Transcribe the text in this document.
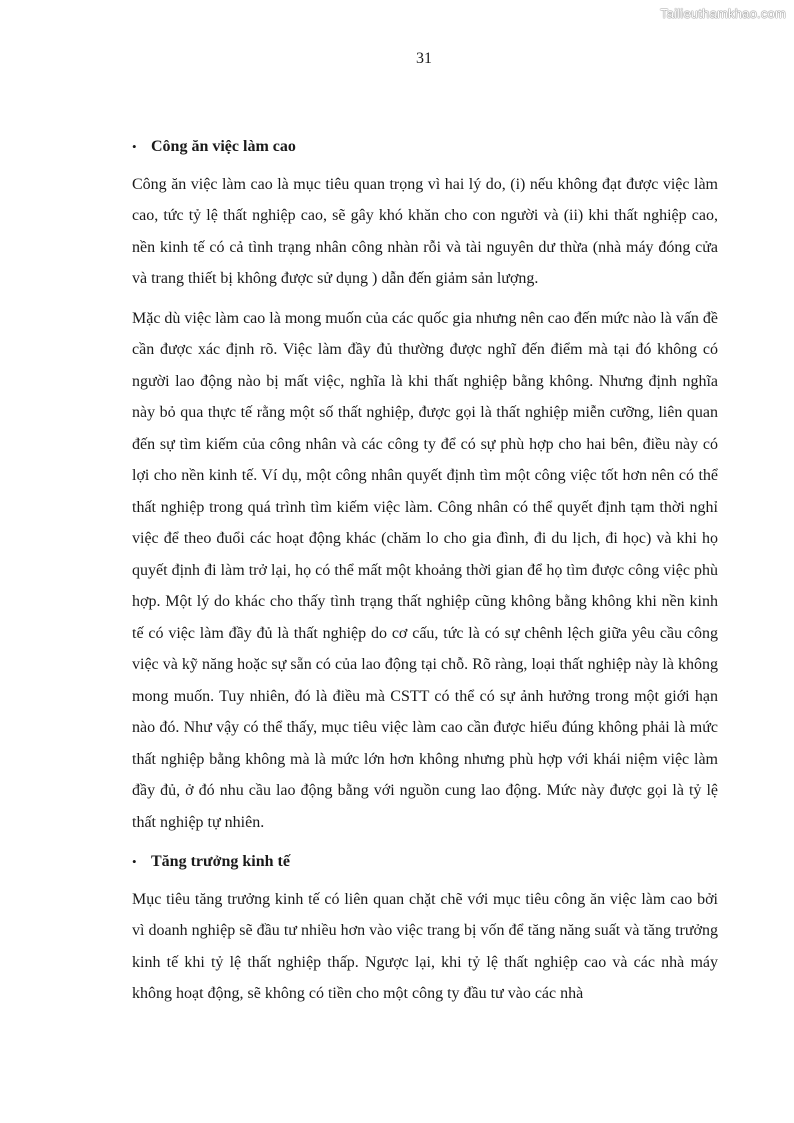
Tailieuthamkhao.com
31
• Công ăn việc làm cao

Công ăn việc làm cao là mục tiêu quan trọng vì hai lý do, (i) nếu không đạt được việc làm cao, tức tỷ lệ thất nghiệp cao, sẽ gây khó khăn cho con người và (ii) khi thất nghiệp cao, nền kinh tế có cả tình trạng nhân công nhàn rỗi và tài nguyên dư thừa (nhà máy đóng cửa và trang thiết bị không được sử dụng ) dẫn đến giảm sản lượng.

Mặc dù việc làm cao là mong muốn của các quốc gia nhưng nên cao đến mức nào là vấn đề cần được xác định rõ. Việc làm đầy đủ thường được nghĩ đến điểm mà tại đó không có người lao động nào bị mất việc, nghĩa là khi thất nghiệp bằng không. Nhưng định nghĩa này bỏ qua thực tế rằng một số thất nghiệp, được gọi là thất nghiệp miễn cưỡng, liên quan đến sự tìm kiếm của công nhân và các công ty để có sự phù hợp cho hai bên, điều này có lợi cho nền kinh tế. Ví dụ, một công nhân quyết định tìm một công việc tốt hơn nên có thể thất nghiệp trong quá trình tìm kiếm việc làm. Công nhân có thể quyết định tạm thời nghỉ việc để theo đuổi các hoạt động khác (chăm lo cho gia đình, đi du lịch, đi học) và khi họ quyết định đi làm trở lại, họ có thể mất một khoảng thời gian để họ tìm được công việc phù hợp. Một lý do khác cho thấy tình trạng thất nghiệp cũng không bằng không khi nền kinh tế có việc làm đầy đủ là thất nghiệp do cơ cấu, tức là có sự chênh lệch giữa yêu cầu công việc và kỹ năng hoặc sự sẵn có của lao động tại chỗ. Rõ ràng, loại thất nghiệp này là không mong muốn. Tuy nhiên, đó là điều mà CSTT có thể có sự ảnh hưởng trong một giới hạn nào đó. Như vậy có thể thấy, mục tiêu việc làm cao cần được hiểu đúng không phải là mức thất nghiệp bằng không mà là mức lớn hơn không nhưng phù hợp với khái niệm việc làm đầy đủ, ở đó nhu cầu lao động bằng với nguồn cung lao động. Mức này được gọi là tỷ lệ thất nghiệp tự nhiên.

• Tăng trưởng kinh tế

Mục tiêu tăng trưởng kinh tế có liên quan chặt chẽ với mục tiêu công ăn việc làm cao bởi vì doanh nghiệp sẽ đầu tư nhiều hơn vào việc trang bị vốn để tăng năng suất và tăng trưởng kinh tế khi tỷ lệ thất nghiệp thấp. Ngược lại, khi tỷ lệ thất nghiệp cao và các nhà máy không hoạt động, sẽ không có tiền cho một công ty đầu tư vào các nhà
